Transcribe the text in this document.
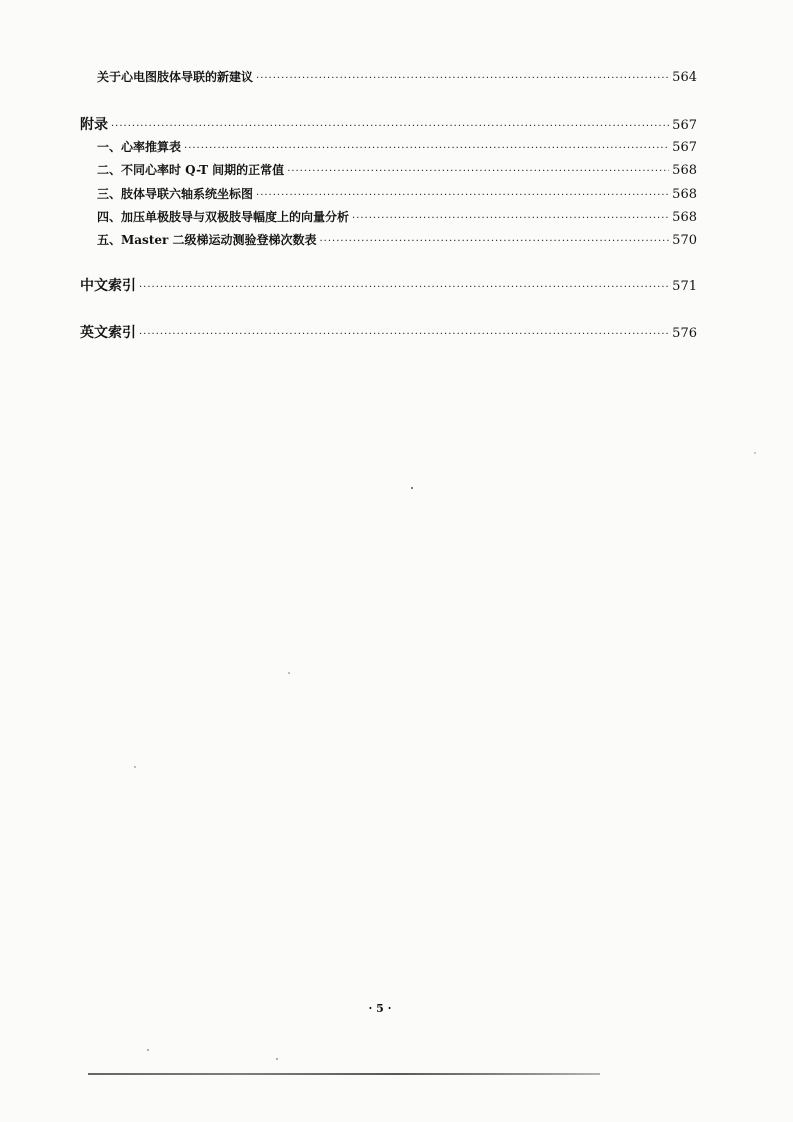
关于心电图肢体导联的新建议 ·····	564
附录 ·····	567
一、心率推算表 ·····	567
二、不同心率时 Q-T 间期的正常值 ·····	568
三、肢体导联六轴系统坐标图 ·····	568
四、加压单极肢导与双极肢导幅度上的向量分析 ·····	568
五、Master 二级梯运动测验登梯次数表 ·····	570
中文索引 ·····	571
英文索引 ·····	576
· 5 ·
